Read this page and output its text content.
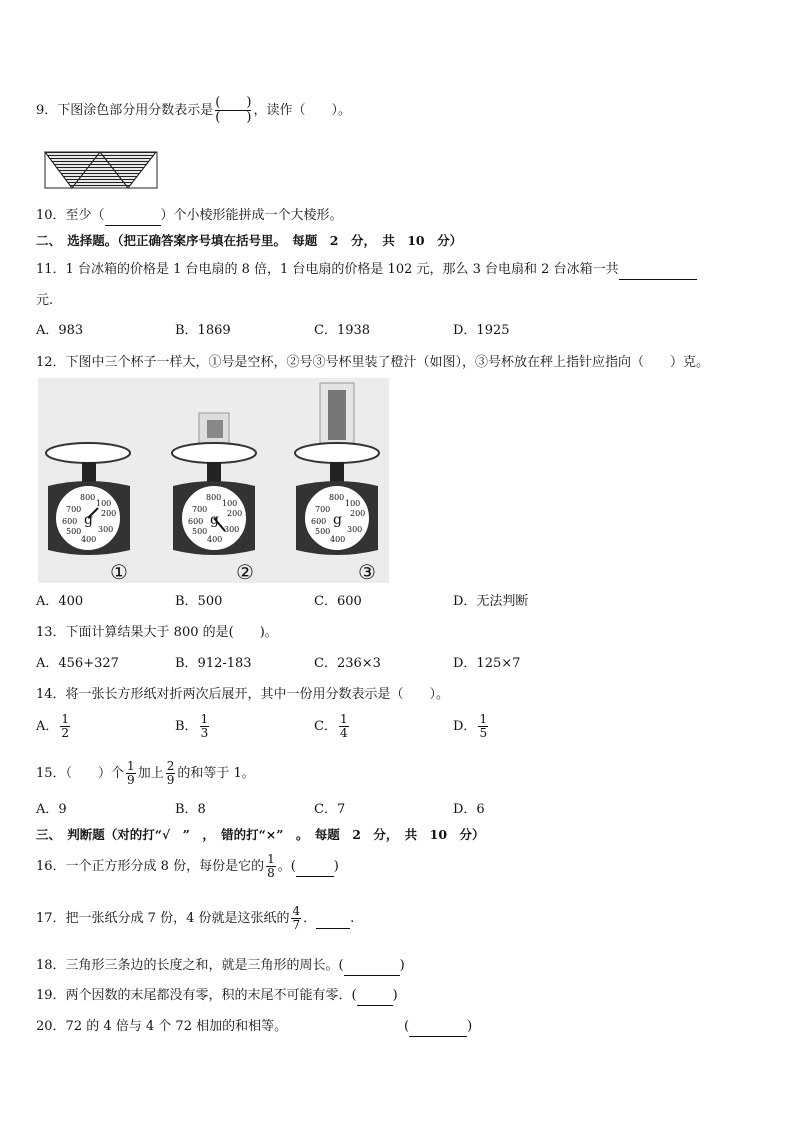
9．下图涂色部分用分数表示是
(　　)
(　　) ，读作（　　）。
10．至少（	）个小棱形能拼成一个大棱形。
二、　选择题。（把正确答案序号填在括号里。　每题　2　分，　共　10　分）
11．1 台冰箱的价格是 1 台电扇的 8 倍，1 台电扇的价格是 102 元，那么 3 台电扇和 2 台冰箱一共
元.
A．983	B．1869	C．1938	D．1925
12．下图中三个杯子一样大，①号是空杯，②号③号杯里装了橙汁（如图），③号杯放在秤上指针应指向（　　）克。
800
100
700 200
600 g
300
500
400
800
100
700 200
600 g
300
500
400
800
100
700 200
600 g
300
500
400
①	②	③
A．400	B．500	C．600	D．无法判断
13．下面计算结果大于 800 的是(　　)。
A．456+327	B．912-183	C．236×3	D．125×7
14．将一张长方形纸对折两次后展开，其中一份用分数表示是（　　）。
A． $\frac{1}{2}$	B． $\frac{1}{3}$	C． $\frac{1}{4}$	D． $\frac{1}{5}$
15．（　　）个 $\frac{1}{9}$ 加上 $\frac{2}{9}$ 的和等于 1。
A．9	B．8	C．7	D．6
三、　判断题（对的打“√　”　，　错的打“×”　。　每题　2　分，　共　10　分）
16．一个正方形分成 8 份，每份是它的 $\frac{1}{8}$ 。(	)
17．把一张纸分成 7 份，4 份就是这张纸的 $\frac{4}{7}$ ．	.
18．三角形三条边的长度之和，就是三角形的周长。(	)
19．两个因数的末尾都没有零，积的末尾不可能有零．(	)
20．72 的 4 倍与 4 个 72 相加的和相等。	(	)
